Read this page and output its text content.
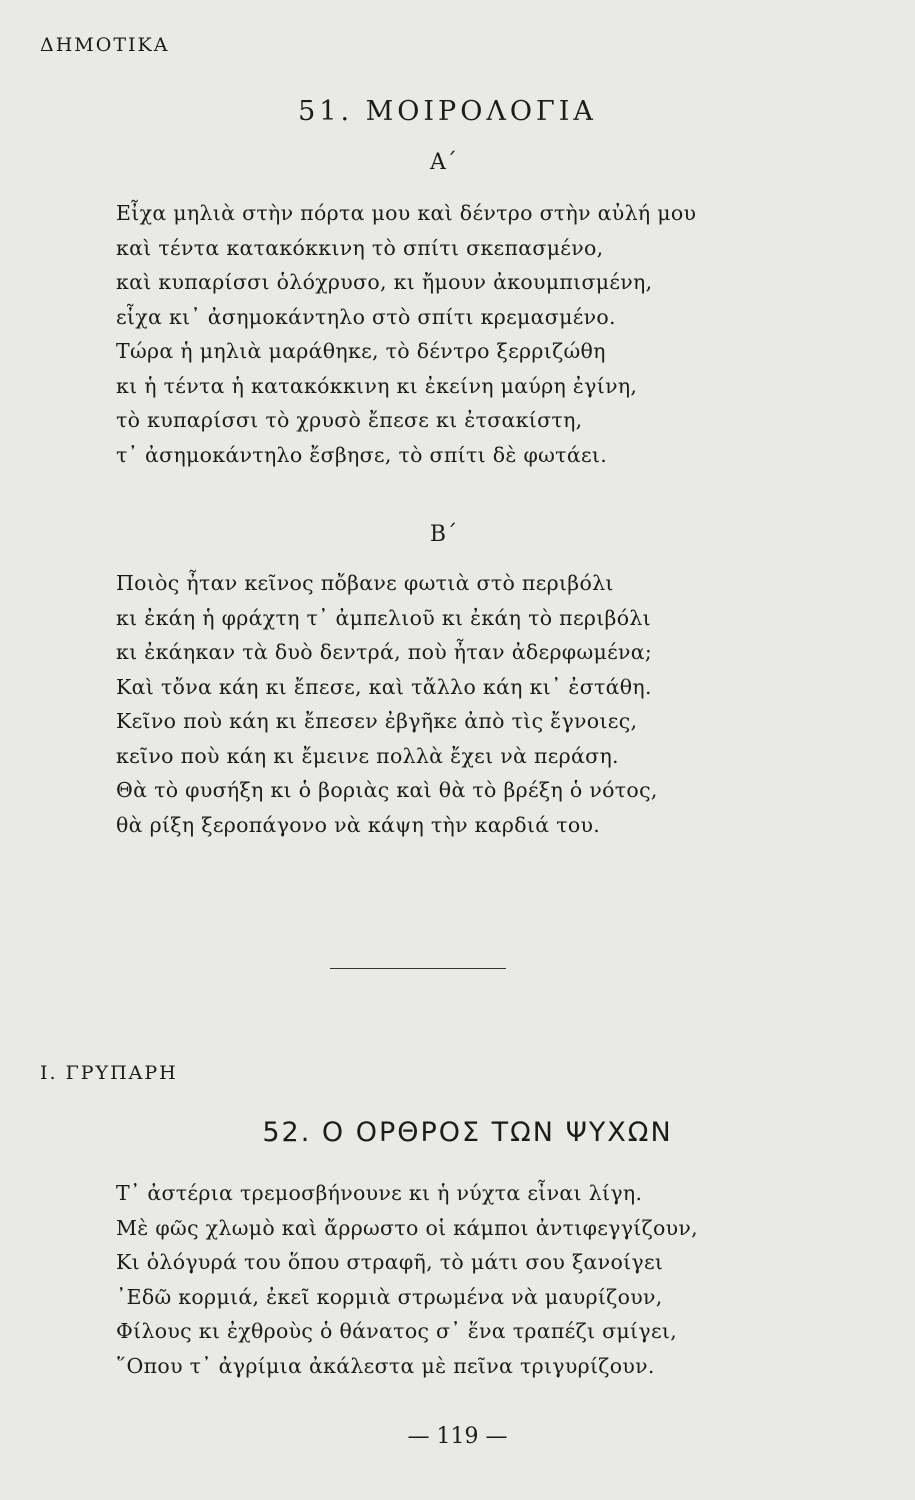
ΔΗΜΟΤΙΚΑ
51. ΜΟΙΡΟΛΟΓΙΑ
Α΄
Εἶχα μηλιὰ στὴν πόρτα μου καὶ δέντρο στὴν αὐλή μου
καὶ τέντα κατακόκκινη τὸ σπίτι σκεπασμένο,
καὶ κυπαρίσσι ὁλόχρυσο, κι ἤμουν ἀκουμπισμένη,
εἶχα κι᾿ ἀσημοκάντηλο στὸ σπίτι κρεμασμένο.
Τώρα ἡ μηλιὰ μαράθηκε, τὸ δέντρο ξερριζώθη
κι ἡ τέντα ἡ κατακόκκινη κι ἐκείνη μαύρη ἐγίνη,
τὸ κυπαρίσσι τὸ χρυσὸ ἔπεσε κι ἐτσακίστη,
τ᾿ ἀσημοκάντηλο ἔσβησε, τὸ σπίτι δὲ φωτάει.
Β΄
Ποιὸς ἦταν κεῖνος πὄβανε φωτιὰ στὸ περιβόλι
κι ἐκάη ἡ φράχτη τ᾿ ἀμπελιοῦ κι ἐκάη τὸ περιβόλι
κι ἐκάηκαν τὰ δυὸ δεντρά, ποὺ ἦταν ἀδερφωμένα;
Καὶ τὄνα κάη κι ἔπεσε, καὶ τἄλλο κάη κι᾿ ἐστάθη.
Κεῖνο ποὺ κάη κι ἔπεσεν ἐβγῆκε ἀπὸ τὶς ἔγνοιες,
κεῖνο ποὺ κάη κι ἔμεινε πολλὰ ἔχει νὰ περάση.
Θὰ τὸ φυσήξη κι ὁ βοριὰς καὶ θὰ τὸ βρέξη ὁ νότος,
θὰ ρίξη ξεροπάγονο νὰ κάψη τὴν καρδιά του.
Ι. ΓΡΥΠΑΡΗ
52. Ο ΟΡΘΡΟΣ ΤΩΝ ΨΥΧΩΝ
Τ᾿ ἀστέρια τρεμοσβήνουνε κι ἡ νύχτα εἶναι λίγη.
Μὲ φῶς χλωμὸ καὶ ἄρρωστο οἱ κάμποι ἀντιφεγγίζουν,
Κι ὁλόγυρά του ὅπου στραφῆ, τὸ μάτι σου ξανοίγει
᾿Εδῶ κορμιά, ἐκεῖ κορμιὰ στρωμένα νὰ μαυρίζουν,
Φίλους κι ἐχθροὺς ὁ θάνατος σ᾿ ἕνα τραπέζι σμίγει,
῞Οπου τ᾿ ἀγρίμια ἀκάλεστα μὲ πεῖνα τριγυρίζουν.
— 119 —
